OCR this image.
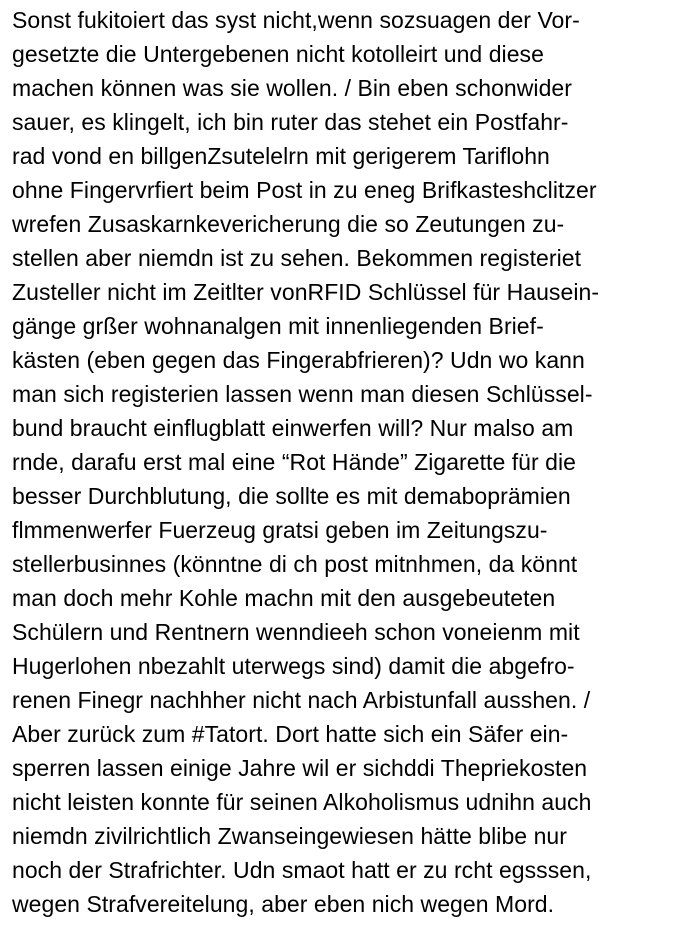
Sonst fukitoiert das syst nicht,wenn sozsuagen der Vor-
gesetzte die Untergebenen nicht kotolleirt und diese
machen können was sie wollen. / Bin eben schonwider
sauer, es klingelt, ich bin ruter das stehet ein Postfahr-
rad vond en billgenZsutelelrn mit gerigerem Tariflohn
ohne Fingervrfiert beim Post in zu eneg Brifkasteshclitzer
wrefen Zusaskarnkevericherung die so Zeutungen zu-
stellen aber niemdn ist zu sehen. Bekommen registeriet
Zusteller nicht im Zeitlter vonRFID Schlüssel für Hausein-
gänge grßer wohnanalgen mit innenliegenden Brief-
kästen (eben gegen das Fingerabfrieren)? Udn wo kann
man sich registerien lassen wenn man diesen Schlüssel-
bund braucht einflugblatt einwerfen will? Nur malso am
rnde, darafu erst mal eine “Rot Hände” Zigarette für die
besser Durchblutung, die sollte es mit demaboprämien
flmmenwerfer Fuerzeug gratsi geben im Zeitungszu-
stellerbusinnes (könntne di ch post mitnhmen, da könnt
man doch mehr Kohle machn mit den ausgebeuteten
Schülern und Rentnern wenndieeh schon voneienm mit
Hugerlohen nbezahlt uterwegs sind) damit die abgefro-
renen Finegr nachhher nicht nach Arbistunfall ausshen. /
Aber zurück zum #Tatort. Dort hatte sich ein Säfer ein-
sperren lassen einige Jahre wil er sichddi Thepriekosten
nicht leisten konnte für seinen Alkoholismus udnihn auch
niemdn zivilrichtlich Zwanseingewiesen hätte blibe nur
noch der Strafrichter. Udn smaot hatt er zu rcht egsssen,
wegen Strafvereitelung, aber eben nich wegen Mord.
